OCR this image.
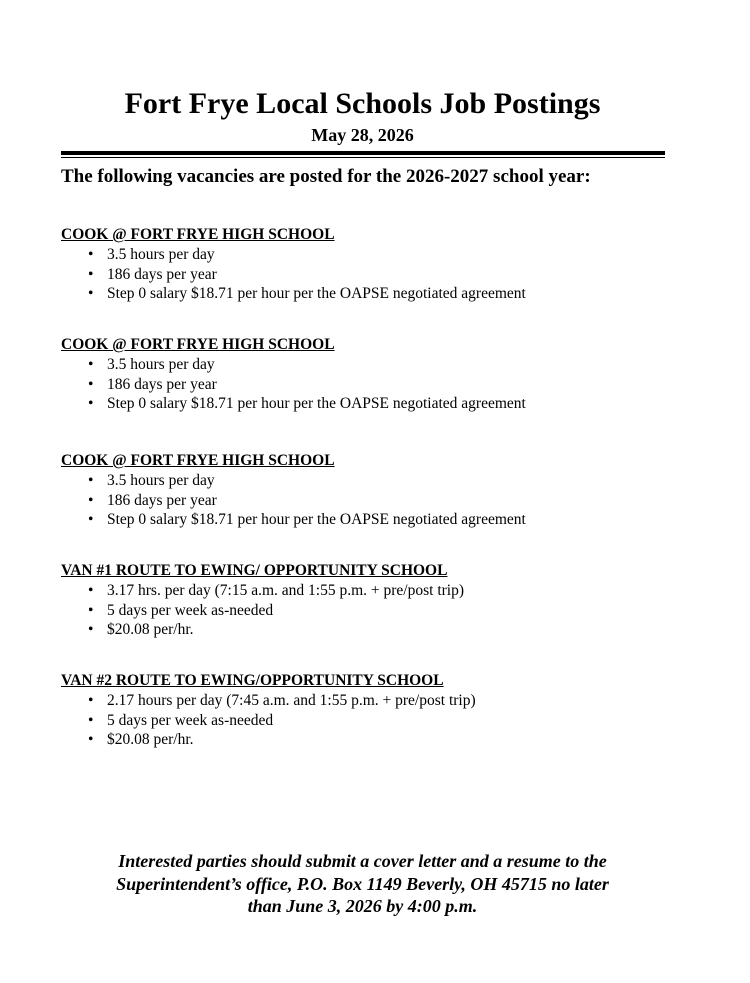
Fort Frye Local Schools Job Postings
May 28, 2026
The following vacancies are posted for the 2026-2027 school year:
COOK @ FORT FRYE HIGH SCHOOL
• 3.5 hours per day
• 186 days per year
• Step 0 salary $18.71 per hour per the OAPSE negotiated agreement
COOK @ FORT FRYE HIGH SCHOOL
• 3.5 hours per day
• 186 days per year
• Step 0 salary $18.71 per hour per the OAPSE negotiated agreement
COOK @ FORT FRYE HIGH SCHOOL
• 3.5 hours per day
• 186 days per year
• Step 0 salary $18.71 per hour per the OAPSE negotiated agreement
VAN #1 ROUTE TO EWING/ OPPORTUNITY SCHOOL
• 3.17 hrs. per day (7:15 a.m. and 1:55 p.m. + pre/post trip)
• 5 days per week as-needed
• $20.08 per/hr.
VAN #2 ROUTE TO EWING/OPPORTUNITY SCHOOL
• 2.17 hours per day (7:45 a.m. and 1:55 p.m. + pre/post trip)
• 5 days per week as-needed
• $20.08 per/hr.
Interested parties should submit a cover letter and a resume to the
Superintendent’s office, P.O. Box 1149 Beverly, OH 45715 no later
than June 3, 2026 by 4:00 p.m.
